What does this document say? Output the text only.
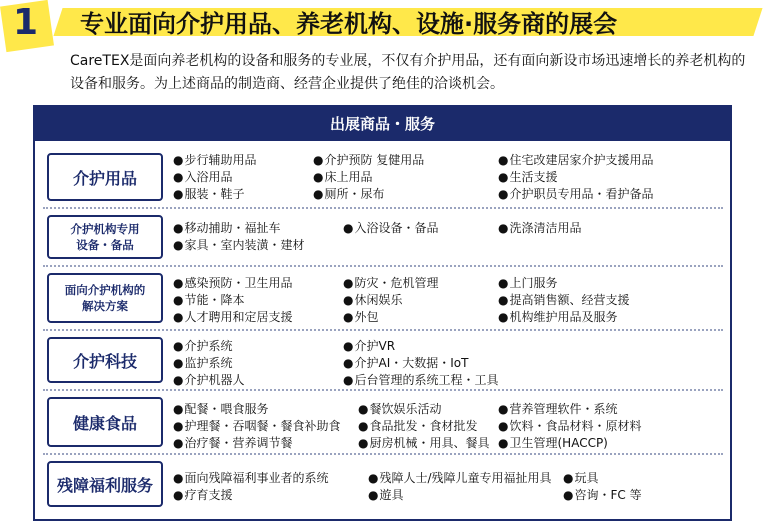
1 专业面向介护用品、养老机构、设施·服务商的展会
CareTEX是面向养老机构的设备和服务的专业展，不仅有介护用品，还有面向新设市场迅速增长的养老机构的设备和服务。为上述商品的制造商、经营企业提供了绝佳的洽谈机会。
出展商品・服务
介护用品
● 步行辅助用品	● 介护预防 复健用品	● 住宅改建居家介护支援用品
● 入浴用品	● 床上用品	● 生活支援
● 服装・鞋子	● 厕所・尿布	● 介护职员专用品・看护备品
介护机构专用
设备・备品
● 移动捕助・福扯车	● 入浴设备・备品	● 洗涤清洁用品
● 家具・室内装潢・建材
面向介护机构的
解决方案
● 感染预防・卫生用品	● 防灾・危机管理	● 上门服务
● 节能・降本	● 休闲娱乐	● 提高销售额、经营支援
● 人才聘用和定居支援	● 外包	● 机构维护用品及服务
介护科技
● 介护系统	● 介护VR
● 监护系统	● 介护AI・大数据・IoT
● 介护机器人	● 后台管理的系统工程・工具
健康食品
● 配餐・喂食服务	● 餐饮娱乐活动	● 营养管理软件・系统
● 护理餐・吞咽餐・餐食补助食	● 食品批发・食材批发	● 饮料・食品材料・原材料
● 治疗餐・营养调节餐	● 厨房机械・用具、餐具	● 卫生管理(HACCP)
残障福利服务	● 面向残障福利事业者的系统	● 残障人士/残障儿童专用福扯用具	● 玩具
● 疗育支援	● 遊具	● 咨询・FC 等
